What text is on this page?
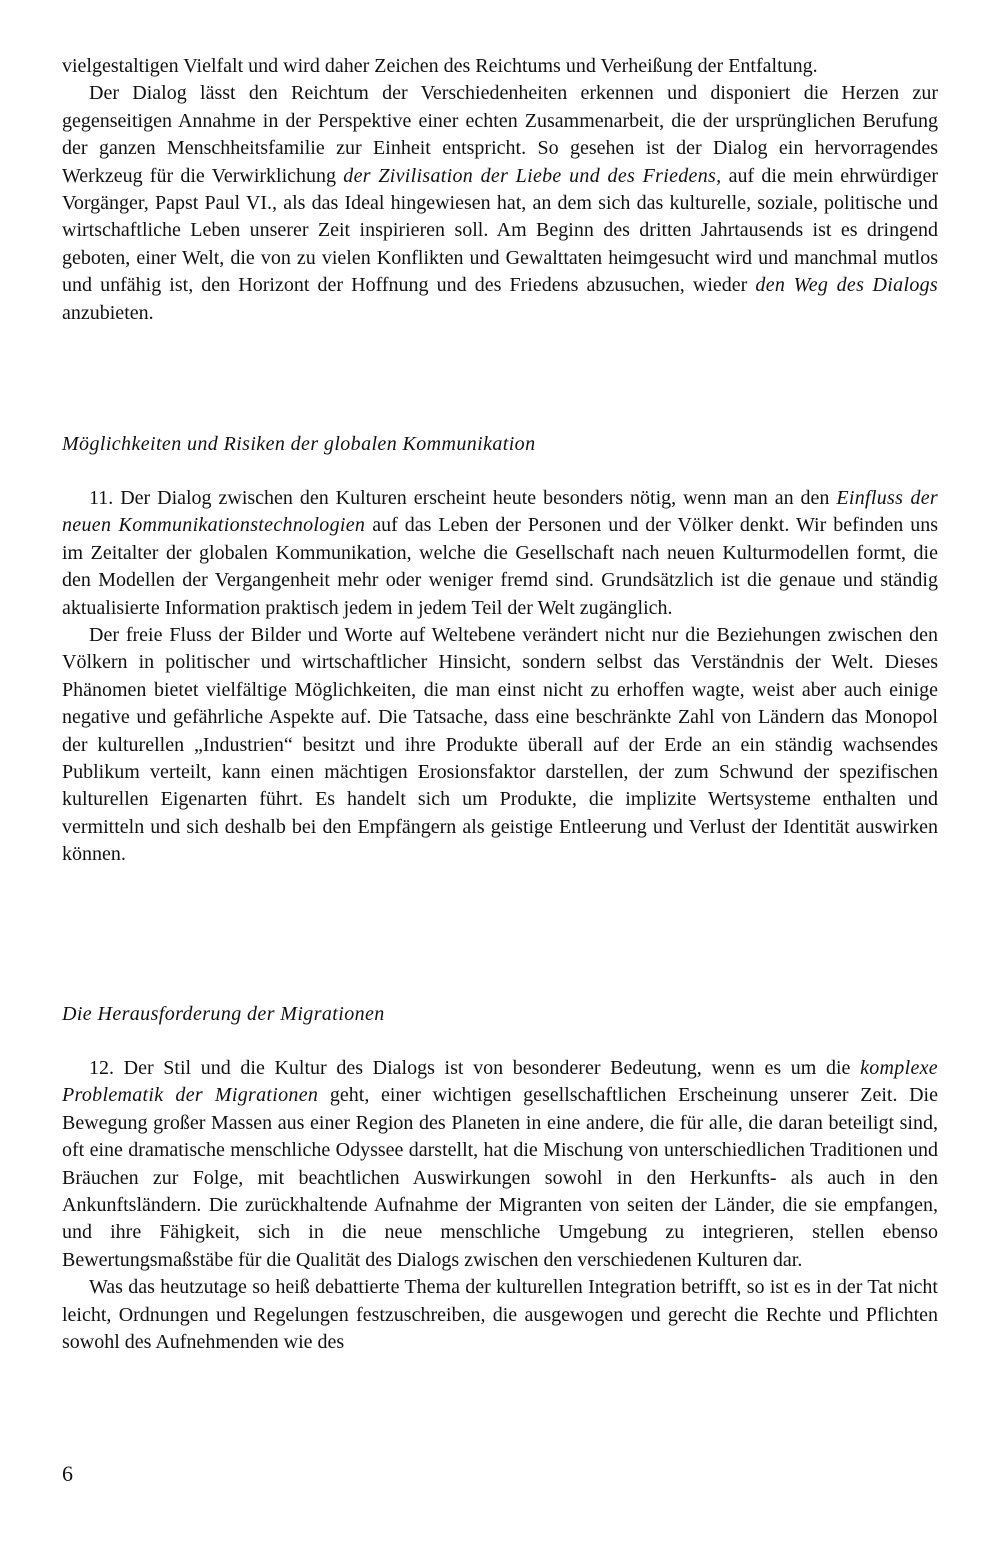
vielgestaltigen Vielfalt und wird daher Zeichen des Reichtums und Verheißung der Entfaltung.

Der Dialog lässt den Reichtum der Verschiedenheiten erkennen und disponiert die Herzen zur gegenseitigen Annahme in der Perspektive einer echten Zusammenarbeit, die der ursprünglichen Berufung der ganzen Menschheitsfamilie zur Einheit entspricht. So gesehen ist der Dialog ein hervorragendes Werkzeug für die Verwirklichung der Zivilisation der Liebe und des Friedens, auf die mein ehrwürdiger Vorgänger, Papst Paul VI., als das Ideal hingewiesen hat, an dem sich das kulturelle, soziale, politische und wirtschaftliche Leben unserer Zeit inspirieren soll. Am Beginn des dritten Jahrtausends ist es dringend geboten, einer Welt, die von zu vielen Konflikten und Gewalttaten heimgesucht wird und manchmal mutlos und unfähig ist, den Horizont der Hoffnung und des Friedens abzusuchen, wieder den Weg des Dialogs anzubieten.

Möglichkeiten und Risiken der globalen Kommunikation

11. Der Dialog zwischen den Kulturen erscheint heute besonders nötig, wenn man an den Einfluss der neuen Kommunikationstechnologien auf das Leben der Personen und der Völker denkt. Wir befinden uns im Zeitalter der globalen Kommunikation, welche die Gesellschaft nach neuen Kulturmodellen formt, die den Modellen der Vergangenheit mehr oder weniger fremd sind. Grundsätzlich ist die genaue und ständig aktualisierte Information praktisch jedem in jedem Teil der Welt zugänglich.

Der freie Fluss der Bilder und Worte auf Weltebene verändert nicht nur die Beziehungen zwischen den Völkern in politischer und wirtschaftlicher Hinsicht, sondern selbst das Verständnis der Welt. Dieses Phänomen bietet vielfältige Möglichkeiten, die man einst nicht zu erhoffen wagte, weist aber auch einige negative und gefährliche Aspekte auf. Die Tatsache, dass eine beschränkte Zahl von Ländern das Monopol der kulturellen „Industrien“ besitzt und ihre Produkte überall auf der Erde an ein ständig wachsendes Publikum verteilt, kann einen mächtigen Erosionsfaktor darstellen, der zum Schwund der spezifischen kulturellen Eigenarten führt. Es handelt sich um Produkte, die implizite Wertsysteme enthalten und vermitteln und sich deshalb bei den Empfängern als geistige Entleerung und Verlust der Identität auswirken können.

Die Herausforderung der Migrationen

12. Der Stil und die Kultur des Dialogs ist von besonderer Bedeutung, wenn es um die komplexe Problematik der Migrationen geht, einer wichtigen gesellschaftlichen Erscheinung unserer Zeit. Die Bewegung großer Massen aus einer Region des Planeten in eine andere, die für alle, die daran beteiligt sind, oft eine dramatische menschliche Odyssee darstellt, hat die Mischung von unterschiedlichen Traditionen und Bräuchen zur Folge, mit beachtlichen Auswirkungen sowohl in den Herkunfts- als auch in den Ankunftsländern. Die zurückhaltende Aufnahme der Migranten von seiten der Länder, die sie empfangen, und ihre Fähigkeit, sich in die neue menschliche Umgebung zu integrieren, stellen ebenso Bewertungsmaßstäbe für die Qualität des Dialogs zwischen den verschiedenen Kulturen dar.

Was das heutzutage so heiß debattierte Thema der kulturellen Integration betrifft, so ist es in der Tat nicht leicht, Ordnungen und Regelungen festzuschreiben, die ausgewogen und gerecht die Rechte und Pflichten sowohl des Aufnehmenden wie des

6
